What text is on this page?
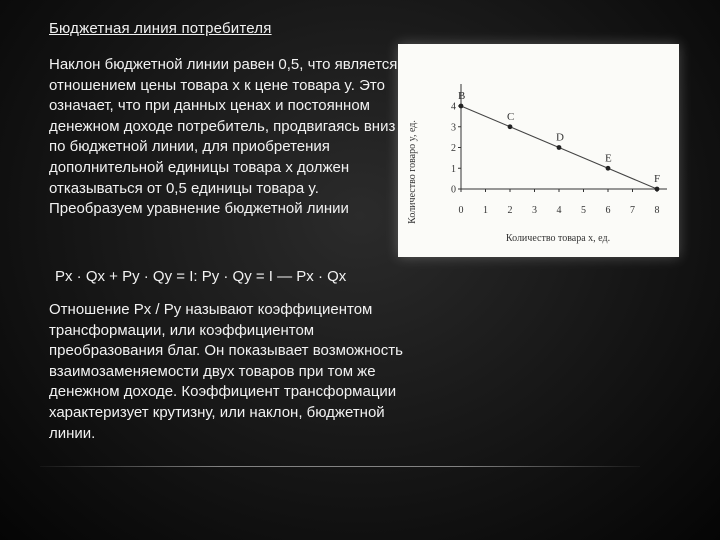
Бюджетная линия потребителя

Наклон бюджетной линии равен 0,5, что является отношением цены товара x к цене товара y. Это означает, что при данных ценах и постоянном денежном доходе потребитель, продвигаясь вниз по бюджетной линии, для приобретения дополнительной единицы товара x должен отказываться от 0,5 единицы товара y. Преобразуем уравнение бюджетной линии	0 1 2 3 4 5 6 7 8
0
1
2
3
4
B
C
D
E
F
Количество товара x, ед.
Количество говаро y, ед.

Px · Qx + Py · Qy = I: Py · Qy = I — Px · Qx

Отношение Px / Py называют коэффициентом трансформации, или коэффициентом преобразования благ. Он показывает возможность взаимозаменяемости двух товаров при том же денежном доходе. Коэффициент трансформации характеризует крутизну, или наклон, бюджетной линии.
